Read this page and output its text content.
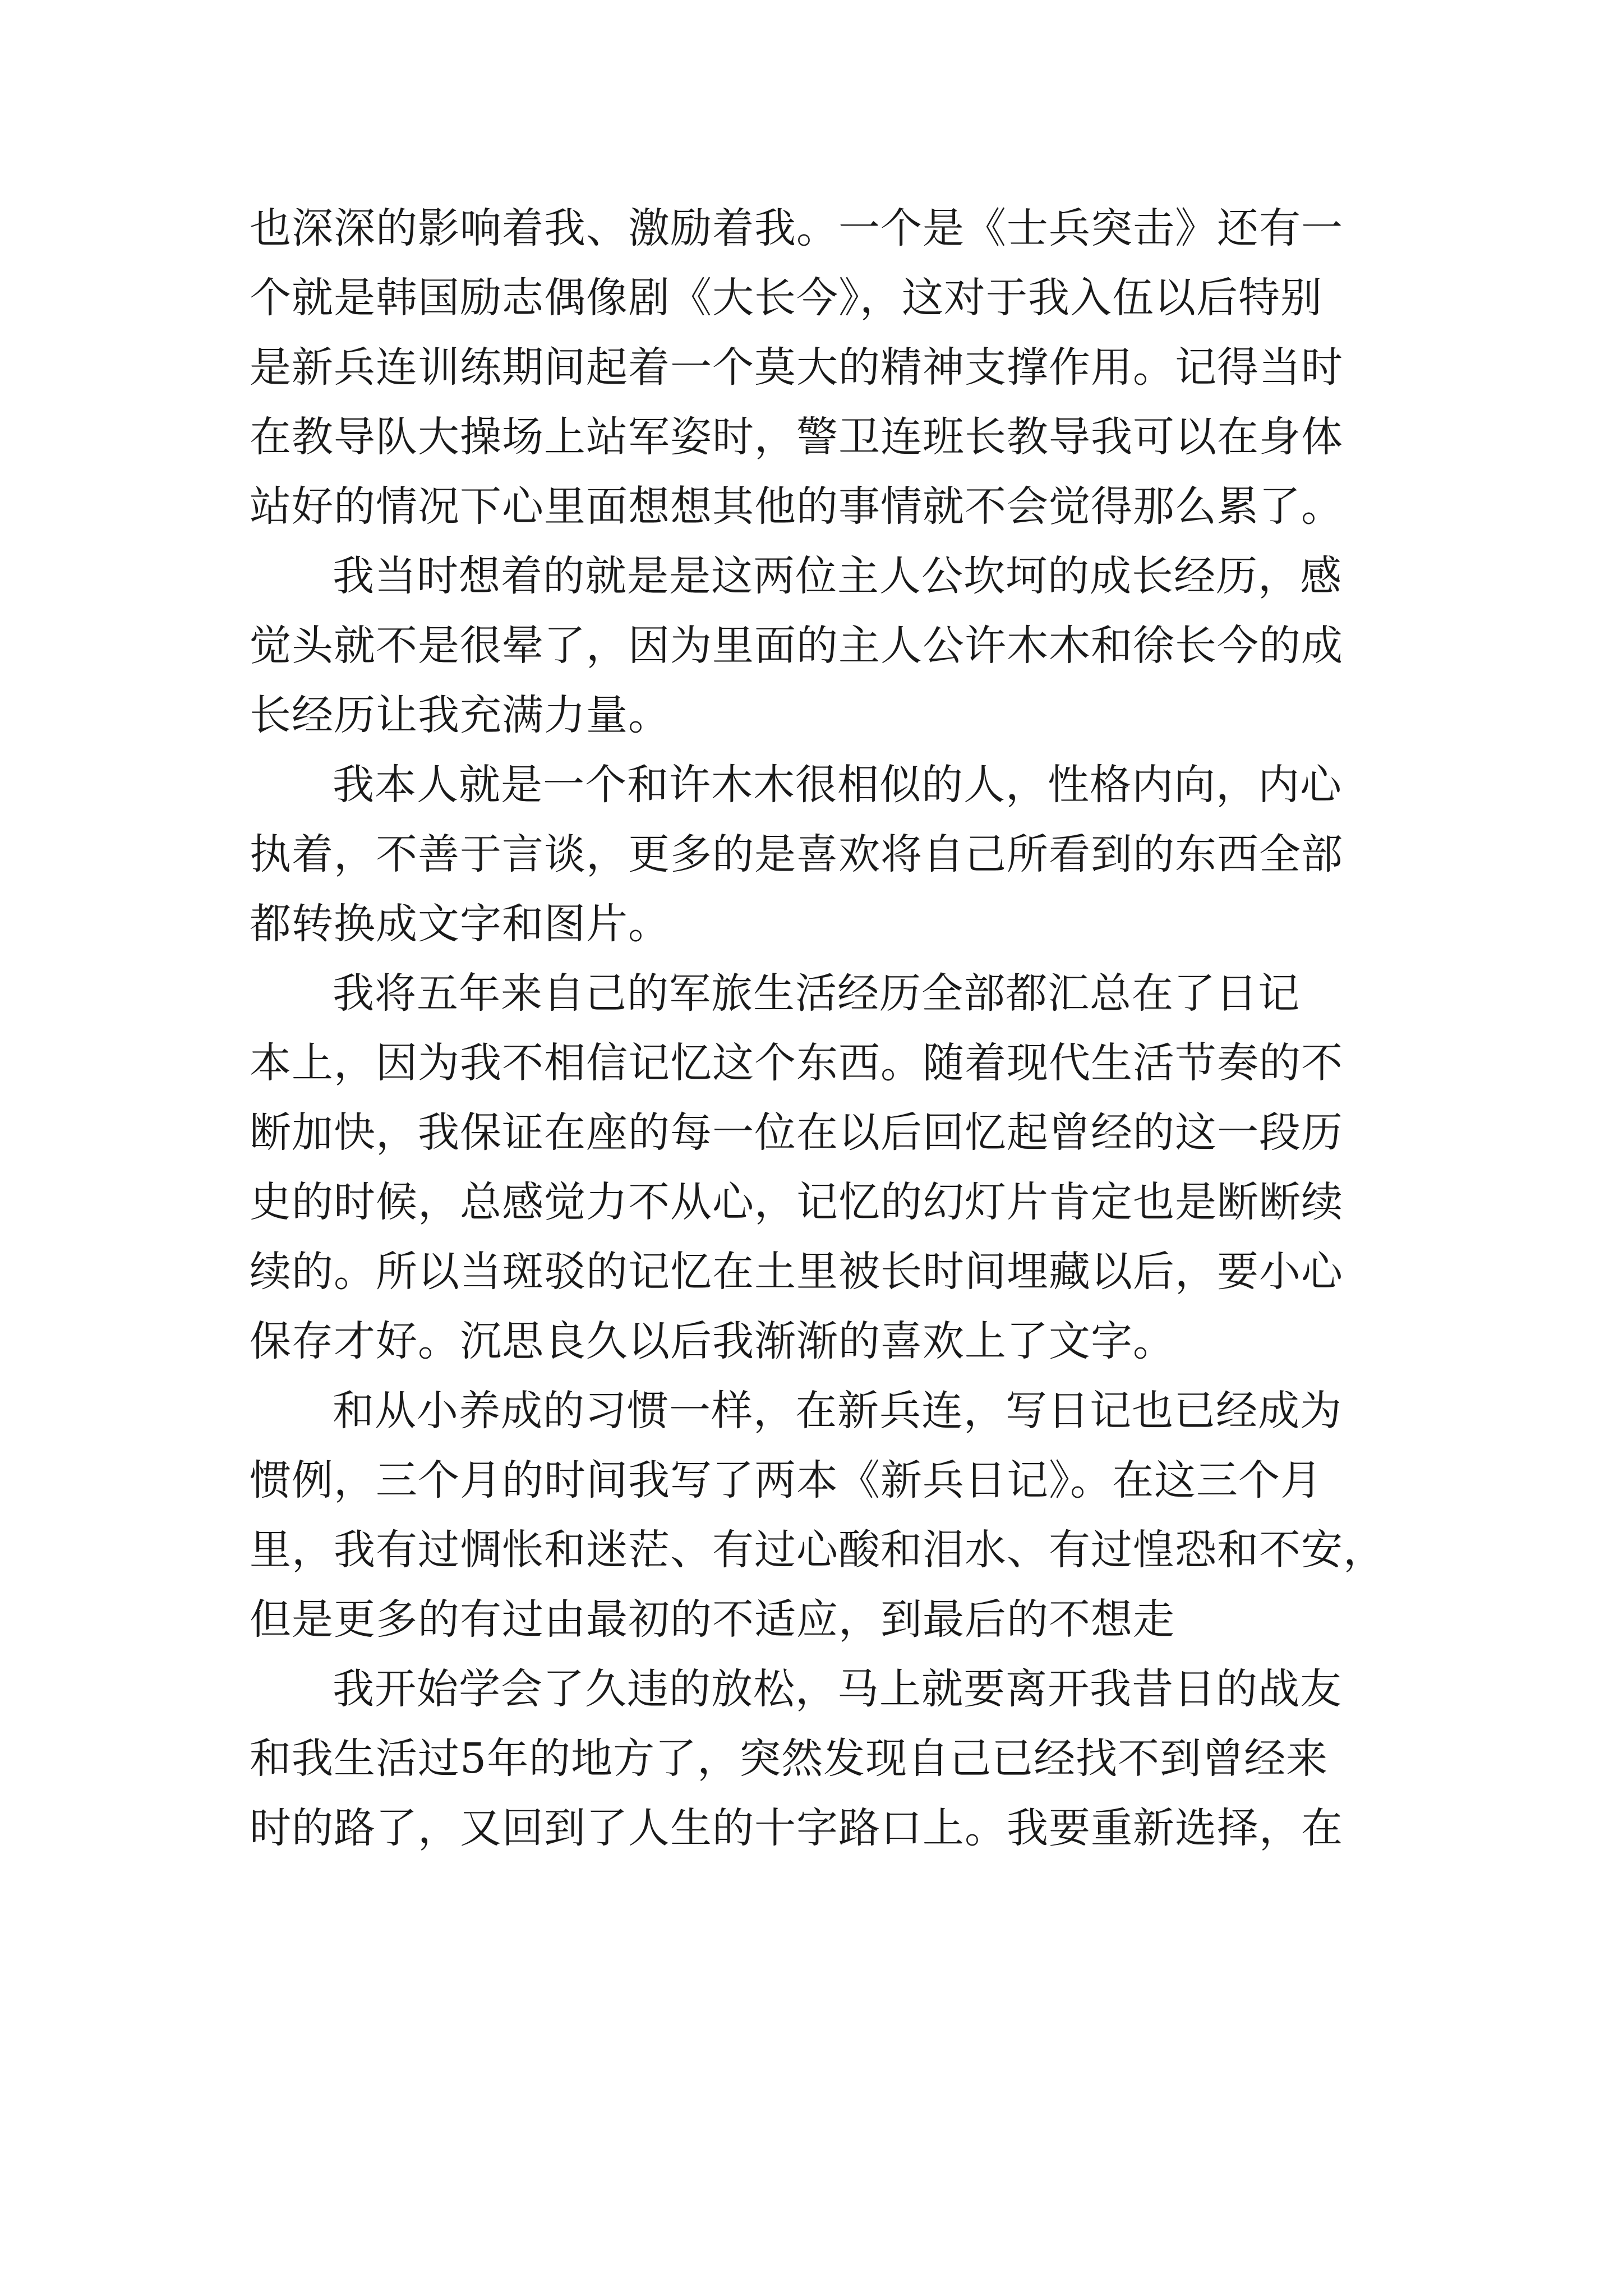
也深深的影响着我、激励着我。一个是《士兵突击》还有一
个就是韩国励志偶像剧《大长今》，这对于我入伍以后特别
是新兵连训练期间起着一个莫大的精神支撑作用。记得当时
在教导队大操场上站军姿时，警卫连班长教导我可以在身体
站好的情况下心里面想想其他的事情就不会觉得那么累了。
我当时想着的就是是这两位主人公坎坷的成长经历，感
觉头就不是很晕了，因为里面的主人公许木木和徐长今的成
长经历让我充满力量。
我本人就是一个和许木木很相似的人，性格内向，内心
执着，不善于言谈，更多的是喜欢将自己所看到的东西全部
都转换成文字和图片。
我将五年来自己的军旅生活经历全部都汇总在了日记
本上，因为我不相信记忆这个东西。随着现代生活节奏的不
断加快，我保证在座的每一位在以后回忆起曾经的这一段历
史的时候，总感觉力不从心，记忆的幻灯片肯定也是断断续
续的。所以当斑驳的记忆在土里被长时间埋藏以后，要小心
保存才好。沉思良久以后我渐渐的喜欢上了文字。
和从小养成的习惯一样，在新兵连，写日记也已经成为
惯例，三个月的时间我写了两本《新兵日记》。在这三个月
里，我有过惆怅和迷茫、有过心酸和泪水、有过惶恐和不安，
但是更多的有过由最初的不适应，到最后的不想走
我开始学会了久违的放松，马上就要离开我昔日的战友
和我生活过5年的地方了，突然发现自己已经找不到曾经来
时的路了，又回到了人生的十字路口上。我要重新选择，在
